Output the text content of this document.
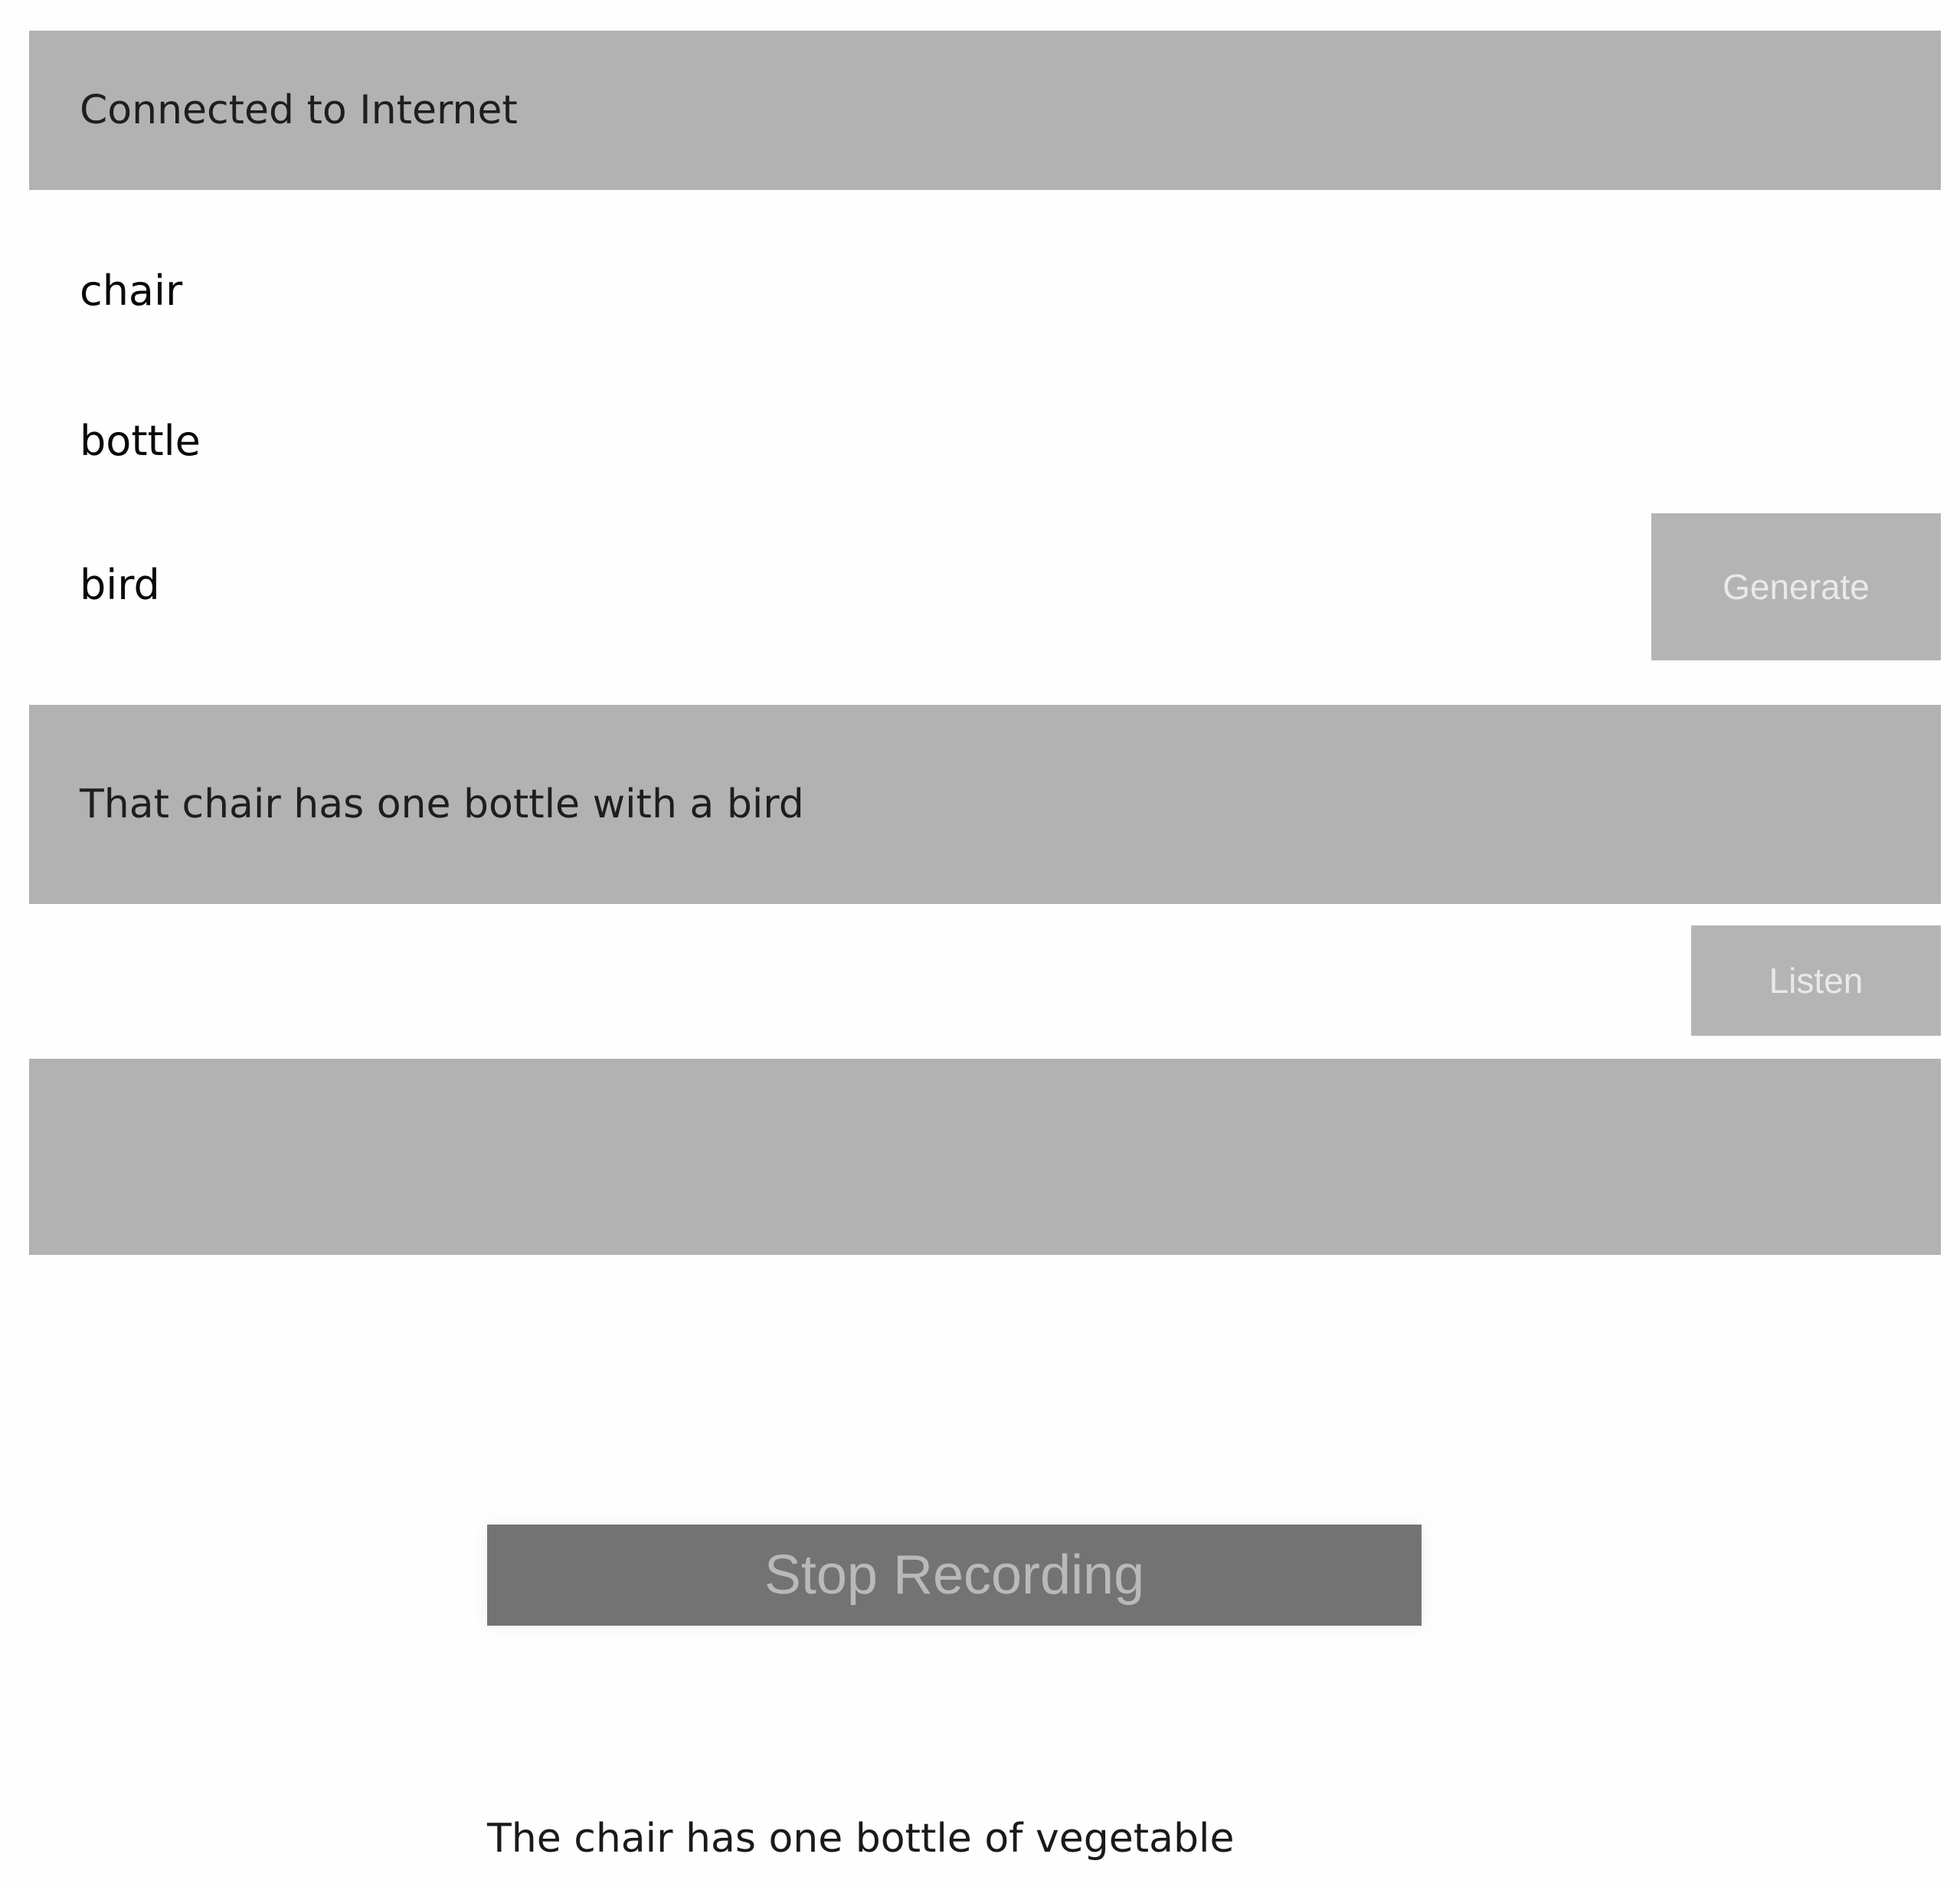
Connected to Internet
chair
bottle
bird	Generate
That chair has one bottle with a bird
Listen
Stop Recording
The chair has one bottle of vegetable
